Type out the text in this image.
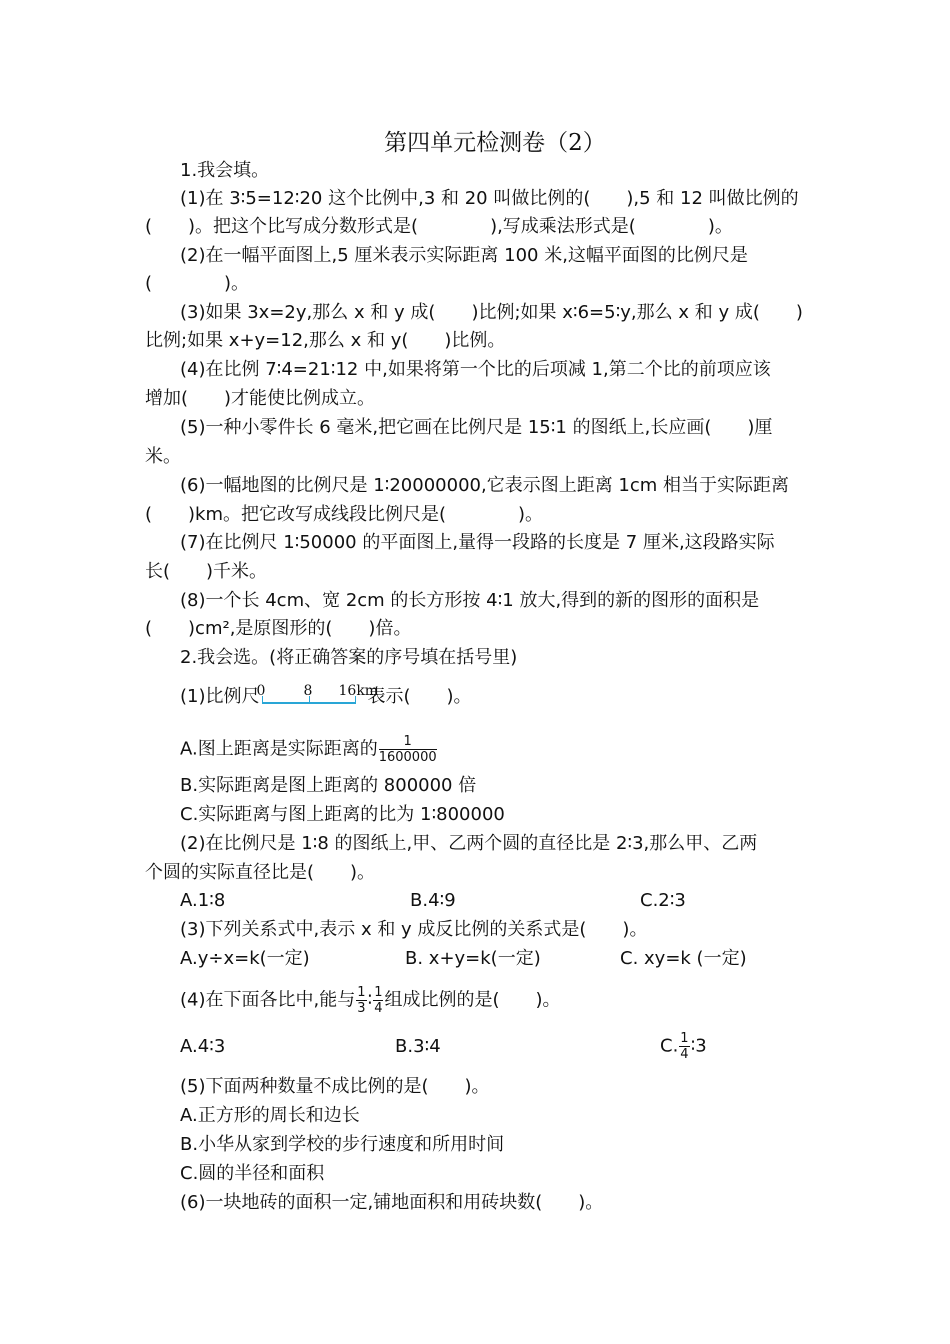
第四单元检测卷（2）
1.我会填。
(1)在 3∶5=12∶20 这个比例中,3 和 20 叫做比例的(　　),5 和 12 叫做比例的
(　　)。把这个比写成分数形式是(　　　　),写成乘法形式是(　　　　)。
(2)在一幅平面图上,5 厘米表示实际距离 100 米,这幅平面图的比例尺是
(　　　　)。
(3)如果 3x=2y,那么 x 和 y 成(　　)比例;如果 x∶6=5∶y,那么 x 和 y 成(　　)
比例;如果 x+y=12,那么 x 和 y(　　)比例。
(4)在比例 7∶4=21∶12 中,如果将第一个比的后项减 1,第二个比的前项应该
增加(　　)才能使比例成立。
(5)一种小零件长 6 毫米,把它画在比例尺是 15∶1 的图纸上,长应画(　　)厘
米。
(6)一幅地图的比例尺是 1∶20000000,它表示图上距离 1cm 相当于实际距离
(　　)km。把它改写成线段比例尺是(　　　　)。
(7)在比例尺 1∶50000 的平面图上,量得一段路的长度是 7 厘米,这段路实际
长(　　)千米。
(8)一个长 4cm、宽 2cm 的长方形按 4∶1 放大,得到的新的图形的面积是
(　　)cm²,是原图形的(　　)倍。
2.我会选。(将正确答案的序号填在括号里)
(1)比例尺
0	8 16km
表示(　　)。
A.图上距离是实际距离的 $\frac{1}{1600000}$
B.实际距离是图上距离的 800000 倍
C.实际距离与图上距离的比为 1∶800000
(2)在比例尺是 1∶8 的图纸上,甲、乙两个圆的直径比是 2∶3,那么甲、乙两
个圆的实际直径比是(　　)。
A.1∶8	B.4∶9	C.2∶3
(3)下列关系式中,表示 x 和 y 成反比例的关系式是(　　)。
A.y÷x=k(一定)	B. x+y=k(一定)	C. xy=k (一定)
(4)在下面各比中,能与 $\frac{1}{3}$ ∶ $\frac{1}{4}$ 组成比例的是(　　)。
A.4∶3	B.3∶4	C. $\frac{1}{4}$ ∶3
(5)下面两种数量不成比例的是(　　)。
A.正方形的周长和边长
B.小华从家到学校的步行速度和所用时间
C.圆的半径和面积
(6)一块地砖的面积一定,铺地面积和用砖块数(　　)。
